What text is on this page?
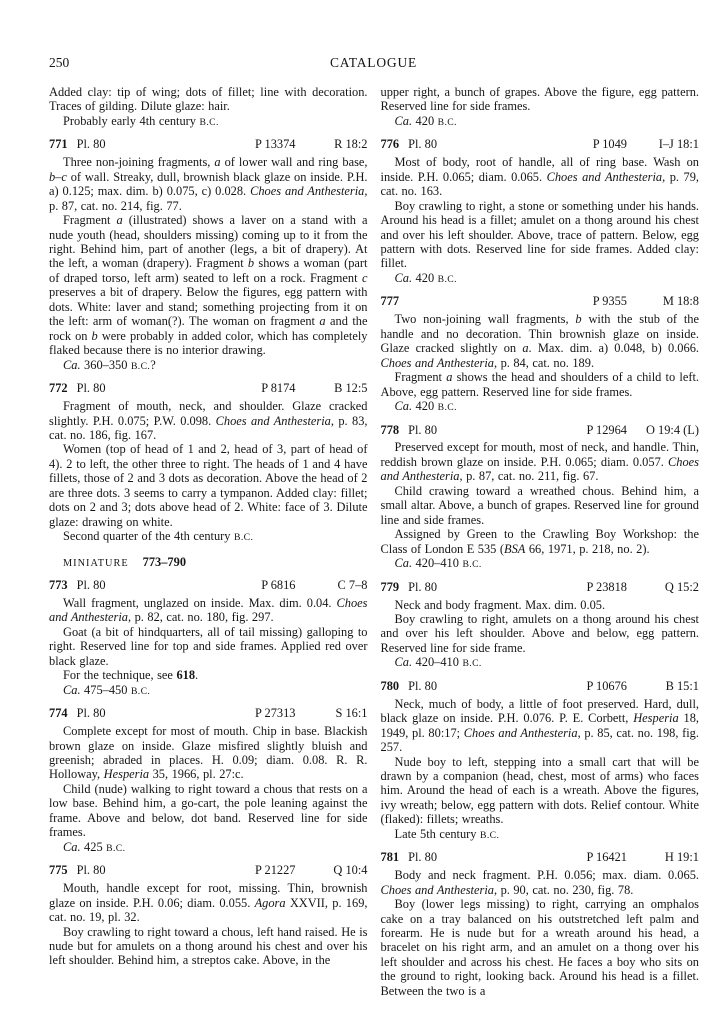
250	CATALOGUE

Added clay: tip of wing; dots of fillet; line with decoration. Traces of gilding. Dilute glaze: hair.

Probably early 4th century B.C.

771 Pl. 80	P 13374	R 18:2

Three non-joining fragments, a of lower wall and ring base, b–c of wall. Streaky, dull, brownish black glaze on inside. P.H. a) 0.125; max. dim. b) 0.075, c) 0.028. Choes and Anthesteria, p. 87, cat. no. 214, fig. 77.

Fragment a (illustrated) shows a laver on a stand with a nude youth (head, shoulders missing) coming up to it from the right. Behind him, part of another (legs, a bit of drapery). At the left, a woman (drapery). Fragment b shows a woman (part of draped torso, left arm) seated to left on a rock. Fragment c preserves a bit of drapery. Below the figures, egg pattern with dots. White: laver and stand; something projecting from it on the left: arm of woman(?). The woman on fragment a and the rock on b were probably in added color, which has completely flaked because there is no interior drawing.

Ca. 360–350 B.C.?

772 Pl. 80	P 8174	B 12:5

Fragment of mouth, neck, and shoulder. Glaze cracked slightly. P.H. 0.075; P.W. 0.098. Choes and Anthesteria, p. 83, cat. no. 186, fig. 167.

Women (top of head of 1 and 2, head of 3, part of head of 4). 2 to left, the other three to right. The heads of 1 and 4 have fillets, those of 2 and 3 dots as decoration. Above the head of 2 are three dots. 3 seems to carry a tympanon. Added clay: fillet; dots on 2 and 3; dots above head of 2. White: face of 3. Dilute glaze: drawing on white.

Second quarter of the 4th century B.C.

MINIATURE 773–790
773 Pl. 80	P 6816	C 7–8

Wall fragment, unglazed on inside. Max. dim. 0.04. Choes and Anthesteria, p. 82, cat. no. 180, fig. 297.

Goat (a bit of hindquarters, all of tail missing) galloping to right. Reserved line for top and side frames. Applied red over black glaze.

For the technique, see 618.

Ca. 475–450 B.C.

774 Pl. 80	P 27313	S 16:1

Complete except for most of mouth. Chip in base. Blackish brown glaze on inside. Glaze misfired slightly bluish and greenish; abraded in places. H. 0.09; diam. 0.08. R. R. Holloway, Hesperia 35, 1966, pl. 27:c.

Child (nude) walking to right toward a chous that rests on a low base. Behind him, a go-cart, the pole leaning against the frame. Above and below, dot band. Reserved line for side frames.

Ca. 425 B.C.

775 Pl. 80	P 21227	Q 10:4

Mouth, handle except for root, missing. Thin, brownish glaze on inside. P.H. 0.06; diam. 0.055. Agora XXVII, p. 169, cat. no. 19, pl. 32.

Boy crawling to right toward a chous, left hand raised. He is nude but for amulets on a thong around his chest and over his left shoulder. Behind him, a streptos cake. Above, in the

upper right, a bunch of grapes. Above the figure, egg pattern. Reserved line for side frames.

Ca. 420 B.C.

776 Pl. 80	P 1049	I–J 18:1

Most of body, root of handle, all of ring base. Wash on inside. P.H. 0.065; diam. 0.065. Choes and Anthesteria, p. 79, cat. no. 163.

Boy crawling to right, a stone or something under his hands. Around his head is a fillet; amulet on a thong around his chest and over his left shoulder. Above, trace of pattern. Below, egg pattern with dots. Reserved line for side frames. Added clay: fillet.

Ca. 420 B.C.

777	P 9355	M 18:8

Two non-joining wall fragments, b with the stub of the handle and no decoration. Thin brownish glaze on inside. Glaze cracked slightly on a. Max. dim. a) 0.048, b) 0.066. Choes and Anthesteria, p. 84, cat. no. 189.

Fragment a shows the head and shoulders of a child to left. Above, egg pattern. Reserved line for side frames.

Ca. 420 B.C.

778 Pl. 80	P 12964	O 19:4 (L)

Preserved except for mouth, most of neck, and handle. Thin, reddish brown glaze on inside. P.H. 0.065; diam. 0.057. Choes and Anthesteria, p. 87, cat. no. 211, fig. 67.

Child crawing toward a wreathed chous. Behind him, a small altar. Above, a bunch of grapes. Reserved line for ground line and side frames.

Assigned by Green to the Crawling Boy Workshop: the Class of London E 535 (BSA 66, 1971, p. 218, no. 2).

Ca. 420–410 B.C.

779 Pl. 80	P 23818	Q 15:2

Neck and body fragment. Max. dim. 0.05.

Boy crawling to right, amulets on a thong around his chest and over his left shoulder. Above and below, egg pattern. Reserved line for side frame.

Ca. 420–410 B.C.

780 Pl. 80	P 10676	B 15:1

Neck, much of body, a little of foot preserved. Hard, dull, black glaze on inside. P.H. 0.076. P. E. Corbett, Hesperia 18, 1949, pl. 80:17; Choes and Anthesteria, p. 85, cat. no. 198, fig. 257.

Nude boy to left, stepping into a small cart that will be drawn by a companion (head, chest, most of arms) who faces him. Around the head of each is a wreath. Above the figures, ivy wreath; below, egg pattern with dots. Relief contour. White (flaked): fillets; wreaths.

Late 5th century B.C.

781 Pl. 80	P 16421	H 19:1

Body and neck fragment. P.H. 0.056; max. diam. 0.065. Choes and Anthesteria, p. 90, cat. no. 230, fig. 78.

Boy (lower legs missing) to right, carrying an omphalos cake on a tray balanced on his outstretched left palm and forearm. He is nude but for a wreath around his head, a bracelet on his right arm, and an amulet on a thong over his left shoulder and across his chest. He faces a boy who sits on the ground to right, looking back. Around his head is a fillet. Between the two is a
